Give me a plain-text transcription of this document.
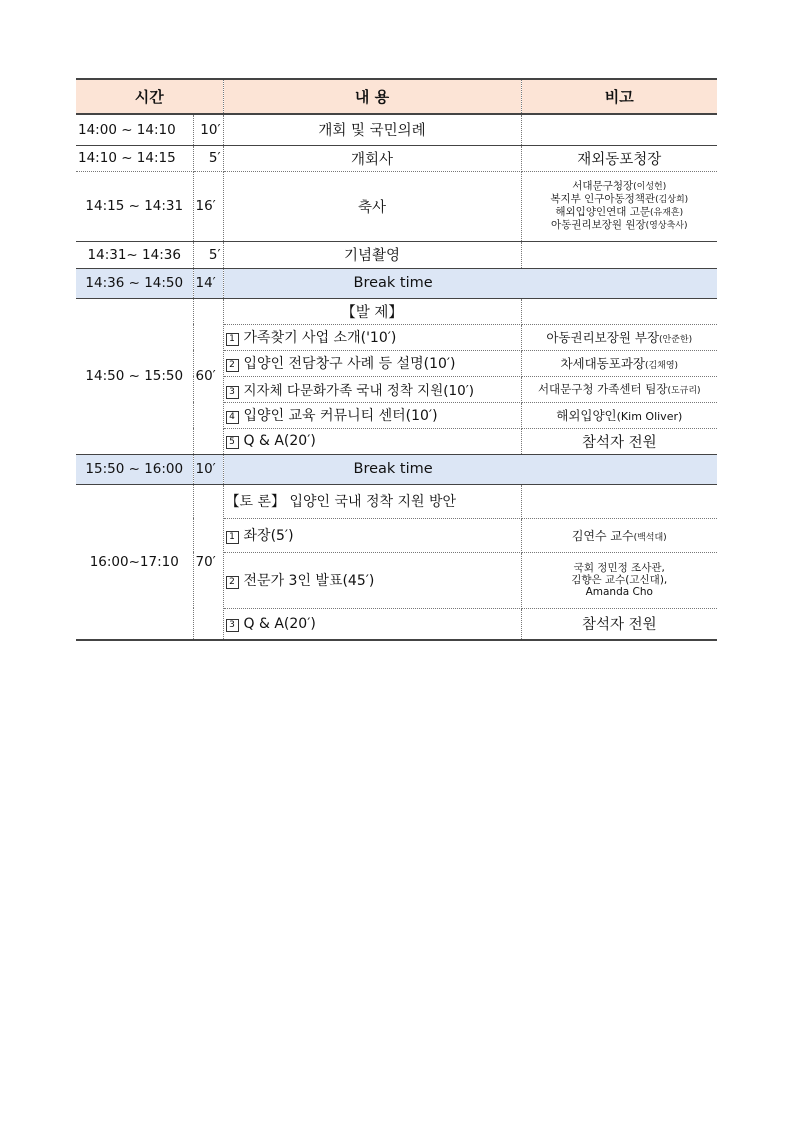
시간		내 용	비고
14:00 ~ 14:10	10′	개회 및 국민의례	
14:10 ~ 14:15	5′	개회사	재외동포청장
14:15 ~ 14:31	16′	축사	서대문구청장(이성헌)
복지부 인구아동정책관(김상희)
해외입양인연대 고문(유재흔)
아동권리보장원 원장(영상축사)

14:31~ 14:36	5′	기념촬영	
14:36 ~ 14:50	14′	Break time	
14:50 ~ 15:50	60′	【발 제】	
		1 가족찾기 사업 소개('10′)	아동권리보장원 부장(안준한)
		2 입양인 전담창구 사례 등 설명(10′)	차세대동포과장(김채영)
		3 지자체 다문화가족 국내 정착 지원(10′)	서대문구청 가족센터 팀장(도규리)
		4 입양인 교육 커뮤니티 센터(10′)	해외입양인(Kim Oliver)
		5 Q & A(20′)	참석자 전원
15:50 ~ 16:00	10′	Break time	
16:00~17:10	70′	【토 론】 입양인 국내 정착 지원 방안	
		1 좌장(5′)	김연수 교수(백석대)
		2 전문가 3인 발표(45′)	국회 정민정 조사관,
김향은 교수(고신대),
Amanda Cho

		3 Q & A(20′)	참석자 전원
